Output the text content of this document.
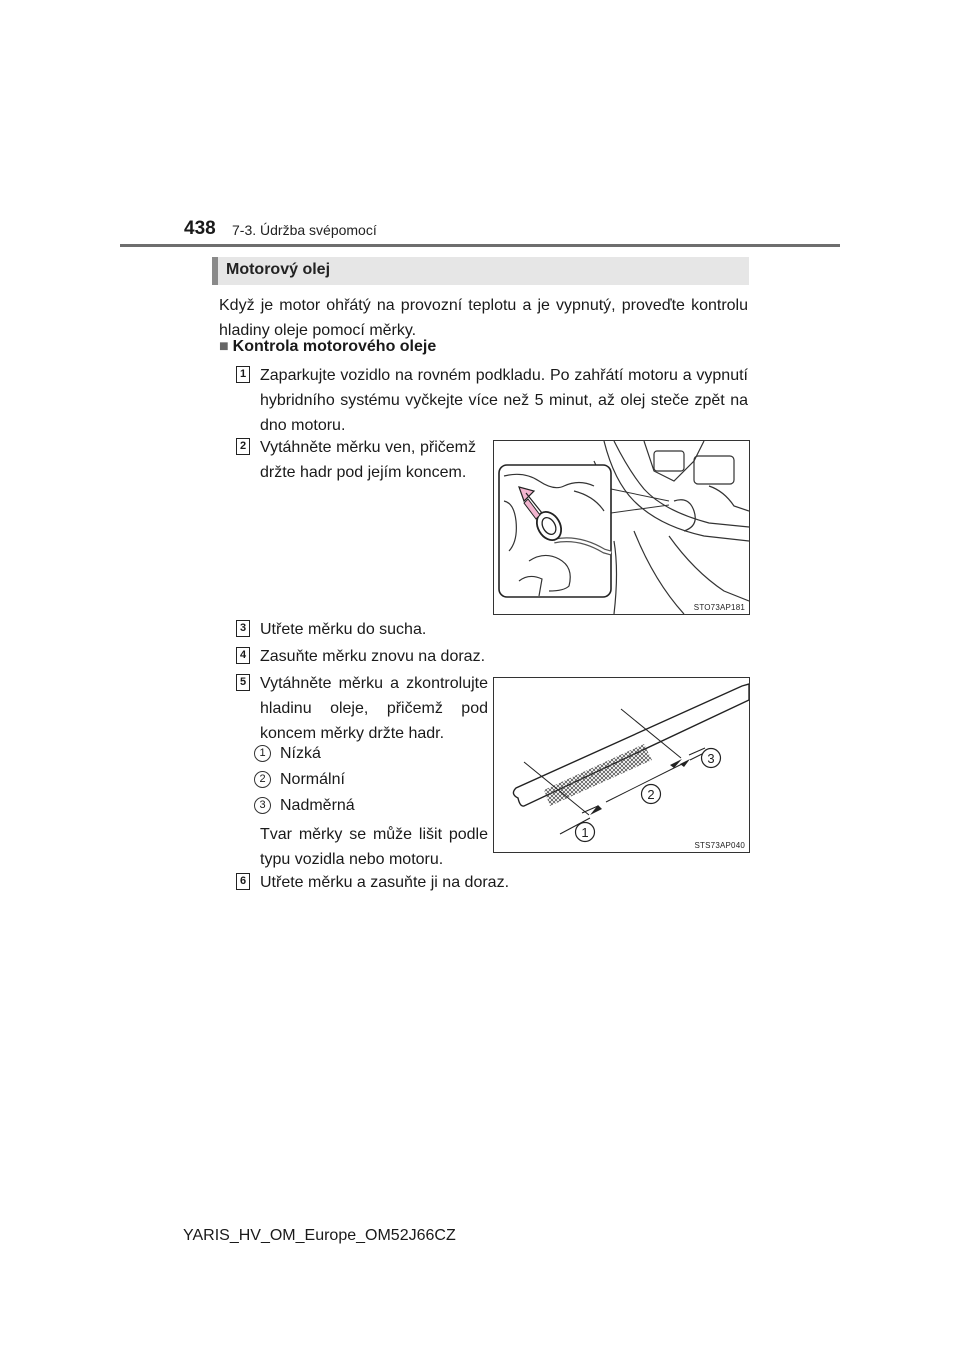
438 7-3. Údržba svépomocí
Motorový olej
Když je motor ohřátý na provozní teplotu a je vypnutý, proveďte kontrolu hladiny oleje pomocí měrky.
■ Kontrola motorového oleje
1 Zaparkujte vozidlo na rovném podkladu. Po zahřátí motoru a vypnutí hybridního systému vyčkejte více než 5 minut, až olej steče zpět na dno motoru.
2 Vytáhněte měrku ven, přičemž držte hadr pod jejím koncem.
STO73AP181
3 Utřete měrku do sucha.
4 Zasuňte měrku znovu na doraz.
5 Vytáhněte měrku a zkontrolujte hladinu oleje, přičemž pod koncem měrky držte hadr.
1 Nízká
2 Normální
3 Nadměrná
Tvar měrky se může lišit podle typu vozidla nebo motoru.
1
2
3
STS73AP040
6 Utřete měrku a zasuňte ji na doraz.
YARIS_HV_OM_Europe_OM52J66CZ
